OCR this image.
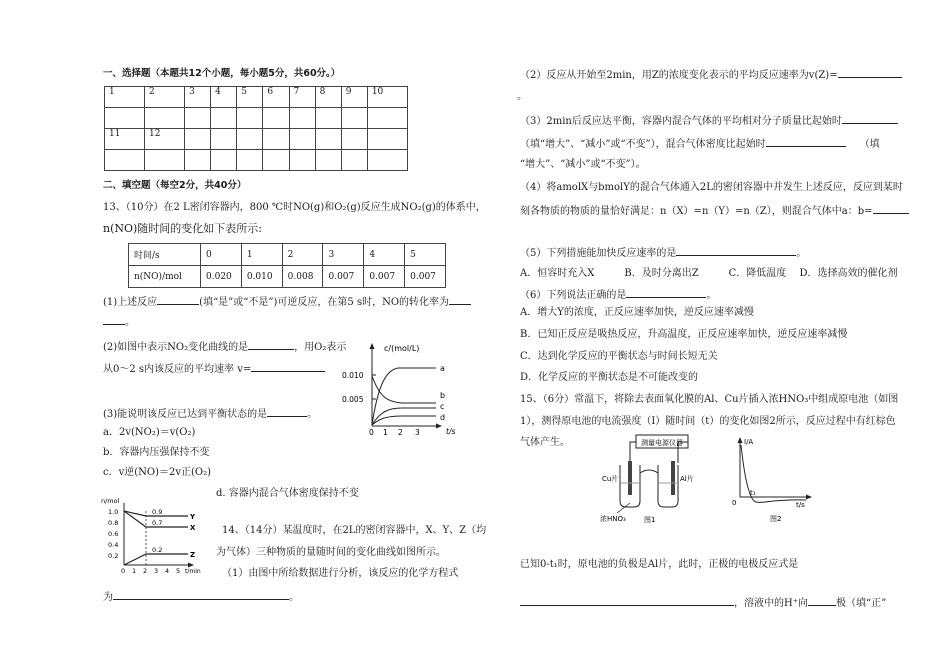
一、选择题（本题共12个小题，每小题5分，共60分。）
1	2	3	4	5	6	7	8	9	10

11	12								

二、填空题（每空2分，共40分）
13、（10分）在2 L密闭容器内，800 ℃时NO(g)和O₂(g)反应生成NO₂(g)的体系中，
n(NO)随时间的变化如下表所示:
时间/s	0	1	2	3	4	5
n(NO)/mol	0.020	0.010	0.008	0.007	0.007	0.007
(1)上述反应	(填“是”或“不是”)可逆反应，在第5 s时，NO的转化率为
。
(2)如图中表示NO₂变化曲线的是	，用O₂表示
从0～2 s内该反应的平均速率 v=
(3)能说明该反应已达到平衡状态的是	。
a．2v(NO₂)＝v(O₂)
b．容器内压强保持不变
c．v逆(NO)＝2v正(O₂)
d. 容器内混合气体密度保持不变
c/(mol/L)
0.010
0.005
0 1 2 3	t/s
a
b
c
d
n/mol
1.0
0.8
0.6
0.4
0.2
0 1 2 3 4 5 t/min
0.9
0.7
0.2
Y
X
Z
14、（14分）某温度时，在2L的密闭容器中，X、Y、Z（均
为气体）三种物质的量随时间的变化曲线如图所示。
（1）由图中所给数据进行分析，该反应的化学方程式
为	。
（2）反应从开始至2min，用Z的浓度变化表示的平均反应速率为v(Z)=
。
（3）2min后反应达平衡，容器内混合气体的平均相对分子质量比起始时
（填“增大”、“减小”或“不变”），混合气体密度比起始时	（填
“增大”、“减小”或“不变”）。
（4）将amolX与bmolY的混合气体通入2L的密闭容器中并发生上述反应，反应到某时
刻各物质的物质的量恰好满足：n（X）=n（Y）=n（Z），则混合气体中a：b=
（5）下列措施能加快反应速率的是	。
A．恒容时充入X　　　B．及时分离出Z　　　C．降低温度　 D．选择高效的催化剂
（6）下列说法正确的是	。
A．增大Y的浓度，正反应速率加快，逆反应速率减慢
B．已知正反应是吸热反应，升高温度，正反应速率加快，逆反应速率减慢
C．达到化学反应的平衡状态与时间长短无关
D．化学反应的平衡状态是不可能改变的
15、（6分）常温下，将除去表面氧化膜的Al、Cu片插入浓HNO₃中组成原电池（如图
1），测得原电池的电流强度（I）随时间（t）的变化如图2所示，反应过程中有红棕色
气体产生。	测量电源仪器
Cu片	Al片
浓HNO₃	图1
I/A
0
t₁
t/s
图2
已知0-t₁时，原电池的负极是Al片，此时，正极的电极反应式是
，溶液中的H⁺向	极（填“正”
